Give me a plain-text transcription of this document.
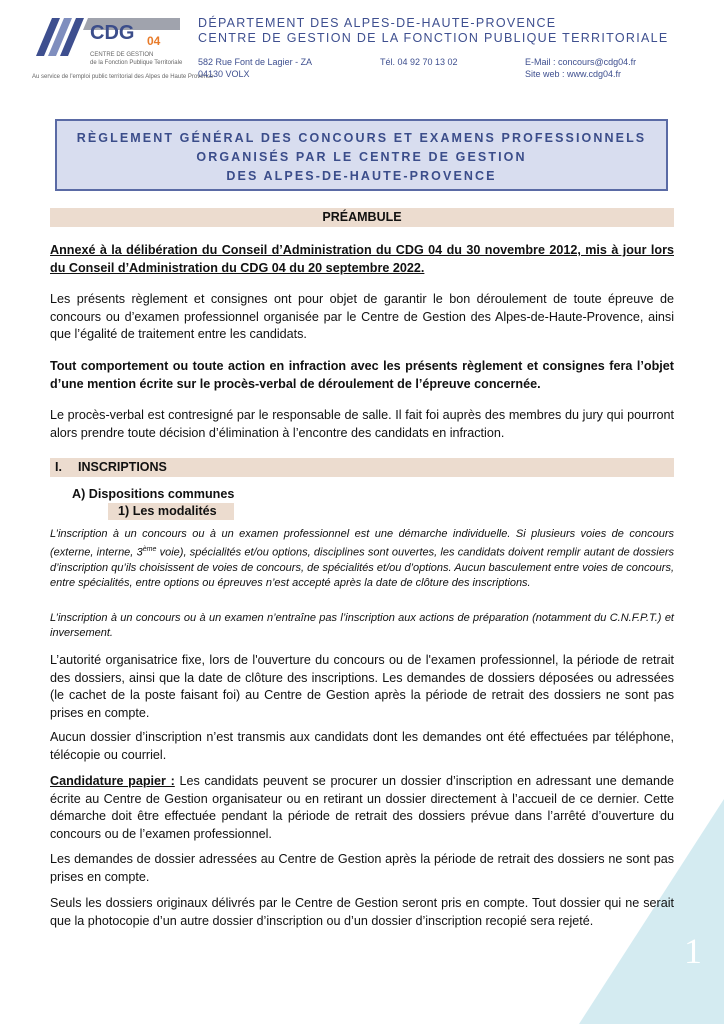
1
CDG 04
CENTRE DE GESTION
de la Fonction Publique Territoriale
Au service de l'emploi public territorial des Alpes de Haute Provence
DÉPARTEMENT DES ALPES-DE-HAUTE-PROVENCE
CENTRE DE GESTION DE LA FONCTION PUBLIQUE TERRITORIALE
582 Rue Font de Lagier - ZA
04130 VOLX
Tél. 04 92 70 13 02	E-Mail : concours@cdg04.fr
Site web : www.cdg04.fr
RÈGLEMENT GÉNÉRAL DES CONCOURS ET EXAMENS PROFESSIONNELS
ORGANISÉS PAR LE CENTRE DE GESTION
DES ALPES-DE-HAUTE-PROVENCE
PRÉAMBULE
Annexé à la délibération du Conseil d’Administration du CDG 04 du 30 novembre 2012, mis à jour lors du Conseil d’Administration du CDG 04 du 20 septembre 2022.
Les présents règlement et consignes ont pour objet de garantir le bon déroulement de toute épreuve de concours ou d’examen professionnel organisée par le Centre de Gestion des Alpes-de-Haute-Provence, ainsi que l’égalité de traitement entre les candidats.
Tout comportement ou toute action en infraction avec les présents règlement et consignes fera l’objet d’une mention écrite sur le procès-verbal de déroulement de l’épreuve concernée.
Le procès-verbal est contresigné par le responsable de salle. Il fait foi auprès des membres du jury qui pourront alors prendre toute décision d’élimination à l’encontre des candidats en infraction.
I. INSCRIPTIONS
A) Dispositions communes
1) Les modalités
L’inscription à un concours ou à un examen professionnel est une démarche individuelle. Si plusieurs voies de concours (externe, interne, 3ème voie), spécialités et/ou options, disciplines sont ouvertes, les candidats doivent remplir autant de dossiers d’inscription qu’ils choisissent de voies de concours, de spécialités et/ou d’options. Aucun basculement entre voies de concours, entre spécialités, entre options ou épreuves n’est accepté après la date de clôture des inscriptions.
L’inscription à un concours ou à un examen n’entraîne pas l’inscription aux actions de préparation (notamment du C.N.F.P.T.) et inversement.
L’autorité organisatrice fixe, lors de l'ouverture du concours ou de l'examen professionnel, la période de retrait des dossiers, ainsi que la date de clôture des inscriptions. Les demandes de dossiers déposées ou adressées (le cachet de la poste faisant foi) au Centre de Gestion après la période de retrait des dossiers ne sont pas prises en compte.
Aucun dossier d’inscription n’est transmis aux candidats dont les demandes ont été effectuées par téléphone, télécopie ou courriel.
Candidature papier : Les candidats peuvent se procurer un dossier d’inscription en adressant une demande écrite au Centre de Gestion organisateur ou en retirant un dossier directement à l’accueil de ce dernier. Cette démarche doit être effectuée pendant la période de retrait des dossiers prévue dans l’arrêté d’ouverture du concours ou de l’examen professionnel.
Les demandes de dossier adressées au Centre de Gestion après la période de retrait des dossiers ne sont pas prises en compte.
Seuls les dossiers originaux délivrés par le Centre de Gestion seront pris en compte. Tout dossier qui ne serait que la photocopie d’un autre dossier d’inscription ou d’un dossier d’inscription recopié sera rejeté.
